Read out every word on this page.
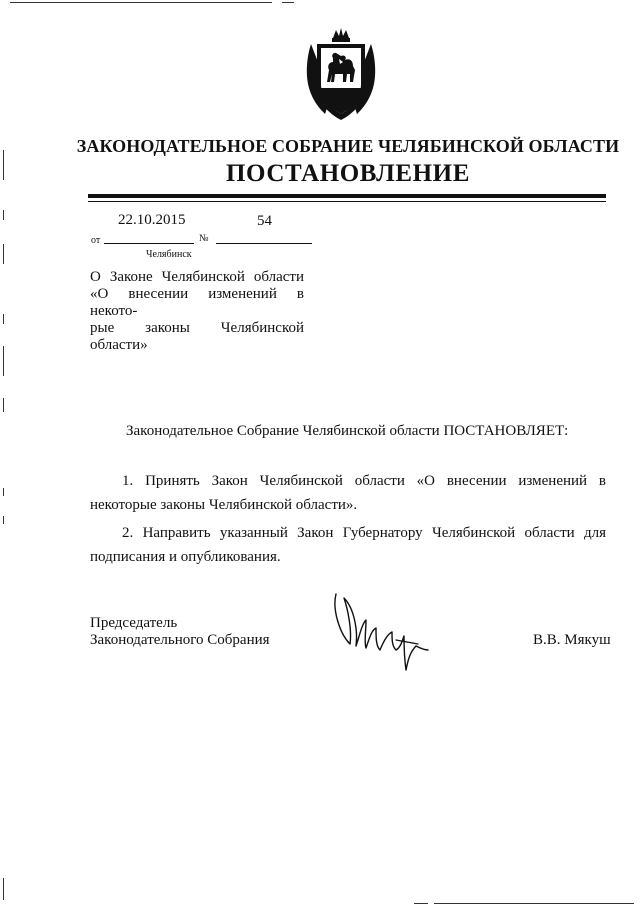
ЗАКОНОДАТЕЛЬНОЕ СОБРАНИЕ ЧЕЛЯБИНСКОЙ ОБЛАСТИ
ПОСТАНОВЛЕНИЕ
22.10.2015	54
от	№
Челябинск
О Законе Челябинской области
«О внесении изменений в некото-
рые законы Челябинской области»
Законодательное Собрание Челябинской области ПОСТАНОВЛЯЕТ:

1. Принять Закон Челябинской области «О внесении изменений в некоторые законы Челябинской области».

2. Направить указанный Закон Губернатору Челябинской области для подписания и опубликования.

Председатель
Законодательного Собрания	В.В. Мякуш
